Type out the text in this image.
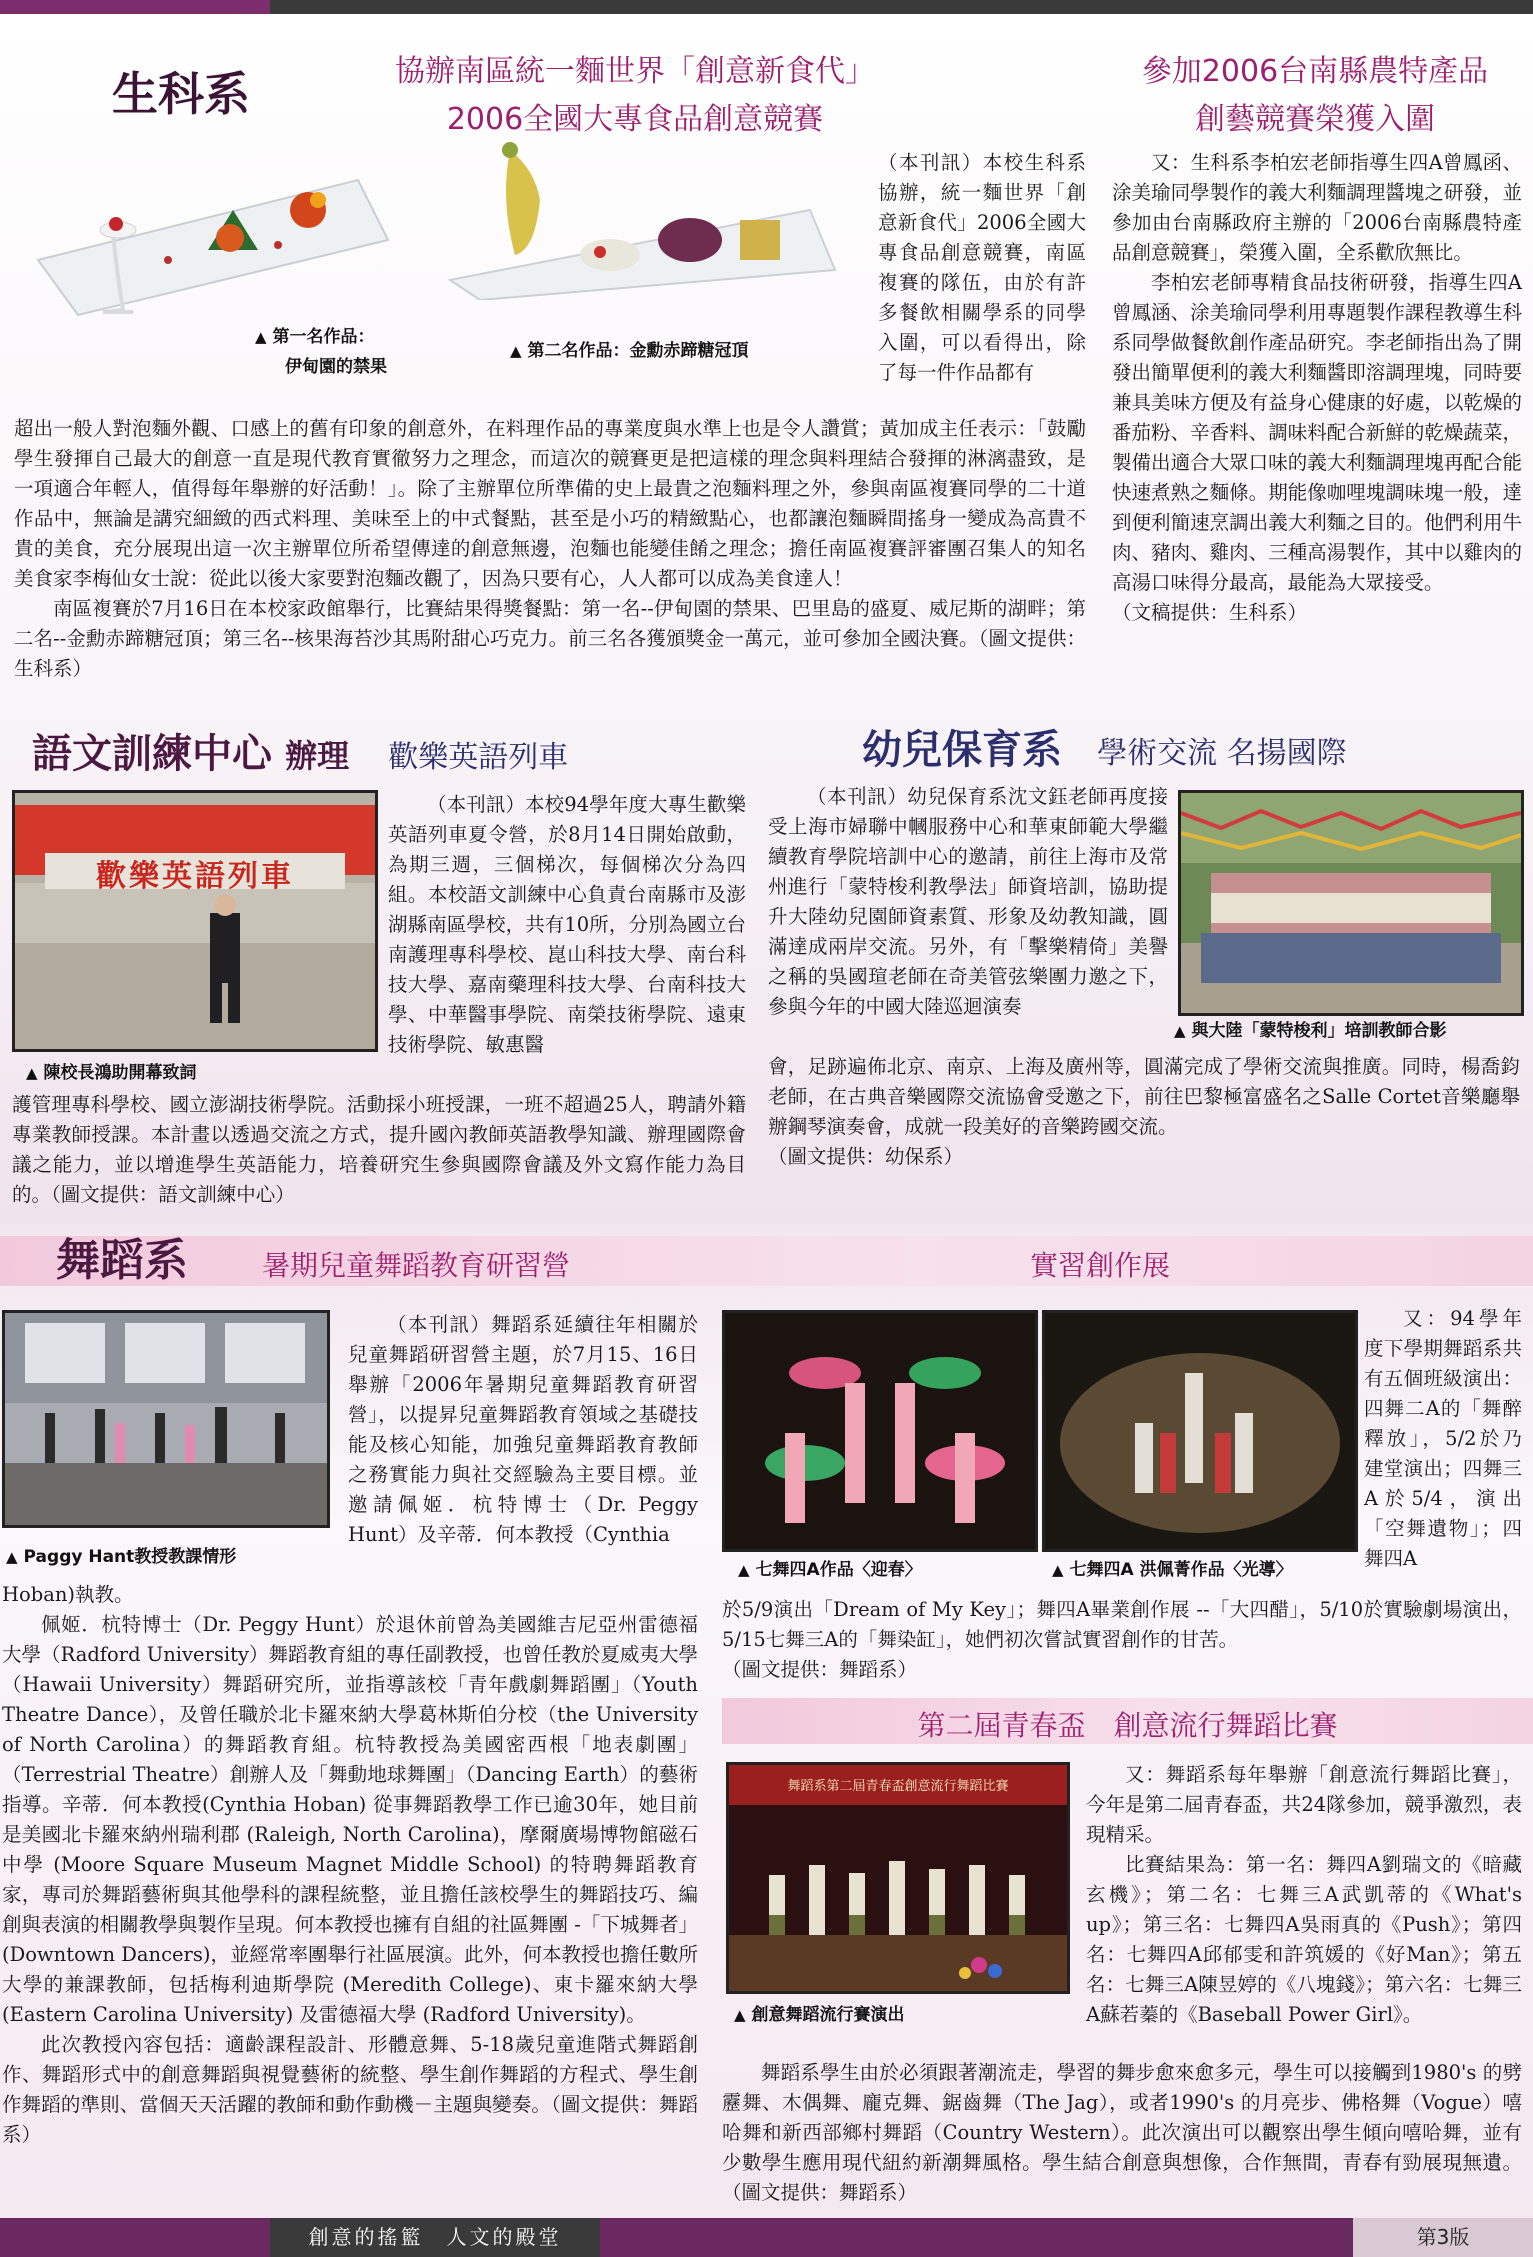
生科系	協辦南區統一麵世界「創意新食代」
2006全國大專食品創意競賽
▲ 第一名作品：
伊甸園的禁果
▲ 第二名作品：金勳赤蹄糖冠頂

（本刊訊）本校生科系協辦，統一麵世界「創意新食代」2006全國大專食品創意競賽，南區複賽的隊伍，由於有許多餐飲相關學系的同學入圍，可以看得出，除了每一件作品都有

超出一般人對泡麵外觀、口感上的舊有印象的創意外，在料理作品的專業度與水準上也是令人讚賞；黃加成主任表示：「鼓勵學生發揮自己最大的創意一直是現代教育實徹努力之理念，而這次的競賽更是把這樣的理念與料理結合發揮的淋漓盡致，是一項適合年輕人，值得每年舉辦的好活動！」。除了主辦單位所準備的史上最貴之泡麵料理之外，參與南區複賽同學的二十道作品中，無論是講究細緻的西式料理、美味至上的中式餐點，甚至是小巧的精緻點心，也都讓泡麵瞬間搖身一變成為高貴不貴的美食，充分展現出這一次主辦單位所希望傳達的創意無邊，泡麵也能變佳餚之理念；擔任南區複賽評審團召集人的知名美食家李梅仙女士說：從此以後大家要對泡麵改觀了，因為只要有心，人人都可以成為美食達人！

南區複賽於7月16日在本校家政館舉行，比賽結果得獎餐點：第一名--伊甸園的禁果、巴里島的盛夏、威尼斯的湖畔；第二名--金勳赤蹄糖冠頂；第三名--核果海苔沙其馬附甜心巧克力。前三名各獲頒獎金一萬元，並可參加全國決賽。（圖文提供：生科系）

參加2006台南縣農特產品
創藝競賽榮獲入圍

又：生科系李柏宏老師指導生四A曾鳳函、涂美瑜同學製作的義大利麵調理醬塊之研發，並參加由台南縣政府主辦的「2006台南縣農特產品創意競賽」，榮獲入圍，全系歡欣無比。

李柏宏老師專精食品技術研發，指導生四A曾鳳涵、涂美瑜同學利用專題製作課程教導生科系同學做餐飲創作產品研究。李老師指出為了開發出簡單便利的義大利麵醬即溶調理塊，同時要兼具美味方便及有益身心健康的好處，以乾燥的番茄粉、辛香料、調味料配合新鮮的乾燥蔬菜，製備出適合大眾口味的義大利麵調理塊再配合能快速煮熟之麵條。期能像咖哩塊調味塊一般，達到便利簡速烹調出義大利麵之目的。他們利用牛肉、豬肉、雞肉、三種高湯製作，其中以雞肉的高湯口味得分最高，最能為大眾接受。

（文稿提供：生科系）

語文訓練中心 辦理 歡樂英語列車
歡樂英語列車
▲ 陳校長鴻助開幕致詞

（本刊訊）本校94學年度大專生歡樂英語列車夏令營，於8月14日開始啟動，為期三週，三個梯次，每個梯次分為四組。本校語文訓練中心負責台南縣市及澎湖縣南區學校，共有10所，分別為國立台南護理專科學校、崑山科技大學、南台科技大學、嘉南藥理科技大學、台南科技大學、中華醫事學院、南榮技術學院、遠東技術學院、敏惠醫

護管理專科學校、國立澎湖技術學院。活動採小班授課，一班不超過25人，聘請外籍專業教師授課。本計畫以透過交流之方式，提升國內教師英語教學知識、辦理國際會議之能力，並以增進學生英語能力，培養研究生參與國際會議及外文寫作能力為目的。（圖文提供：語文訓練中心）

幼兒保育系 學術交流 名揚國際

（本刊訊）幼兒保育系沈文鈺老師再度接受上海市婦聯中幗服務中心和華東師範大學繼續教育學院培訓中心的邀請，前往上海市及常州進行「蒙特梭利教學法」師資培訓，協助提升大陸幼兒園師資素質、形象及幼教知識，圓滿達成兩岸交流。另外，有「擊樂精倚」美譽之稱的吳國瑄老師在奇美管弦樂團力邀之下，參與今年的中國大陸巡迴演奏

▲ 與大陸「蒙特梭利」培訓教師合影

會，足跡遍佈北京、南京、上海及廣州等，圓滿完成了學術交流與推廣。同時，楊喬鈞老師，在古典音樂國際交流協會受邀之下，前往巴黎極富盛名之Salle Cortet音樂廳舉辦鋼琴演奏會，成就一段美好的音樂跨國交流。

（圖文提供：幼保系）

舞蹈系	暑期兒童舞蹈教育研習營	實習創作展
▲ Paggy Hant教授教課情形

（本刊訊）舞蹈系延續往年相關於兒童舞蹈研習營主題，於7月15、16日舉辦「2006年暑期兒童舞蹈教育研習營」，以提昇兒童舞蹈教育領域之基礎技能及核心知能，加強兒童舞蹈教育教師之務實能力與社交經驗為主要目標。並邀請佩姬．杭特博士（Dr. Peggy Hunt）及辛蒂．何本教授（Cynthia

Hoban)執教。

佩姬．杭特博士（Dr. Peggy Hunt）於退休前曾為美國維吉尼亞州雷德福大學（Radford University）舞蹈教育組的專任副教授，也曾任教於夏威夷大學（Hawaii University）舞蹈研究所，並指導該校「青年戲劇舞蹈團」（Youth Theatre Dance），及曾任職於北卡羅來納大學葛林斯伯分校（the University of North Carolina）的舞蹈教育組。杭特教授為美國密西根「地表劇團」（Terrestrial Theatre）創辦人及「舞動地球舞團」（Dancing Earth）的藝術指導。辛蒂．何本教授(Cynthia Hoban) 從事舞蹈教學工作已逾30年，她目前是美國北卡羅來納州瑞利郡 (Raleigh, North Carolina)，摩爾廣場博物館磁石中學 (Moore Square Museum Magnet Middle School) 的特聘舞蹈教育家，專司於舞蹈藝術與其他學科的課程統整，並且擔任該校學生的舞蹈技巧、編創與表演的相關教學與製作呈現。何本教授也擁有自組的社區舞團 -「下城舞者」(Downtown Dancers)，並經常率團舉行社區展演。此外，何本教授也擔任數所大學的兼課教師，包括梅利迪斯學院 (Meredith College)、東卡羅來納大學 (Eastern Carolina University) 及雷德福大學 (Radford University)。

此次教授內容包括：適齡課程設計、形體意舞、5-18歲兒童進階式舞蹈創作、舞蹈形式中的創意舞蹈與視覺藝術的統整、學生創作舞蹈的方程式、學生創作舞蹈的準則、當個天天活躍的教師和動作動機－主題與變奏。（圖文提供：舞蹈系）

▲ 七舞四A作品〈迎春〉	▲ 七舞四A 洪佩菁作品〈光導〉

又：94學年度下學期舞蹈系共有五個班級演出：四舞二A的「舞醉釋放」，5/2於乃建堂演出；四舞三A於5/4，演出「空舞遺物」；四舞四A

於5/9演出「Dream of My Key」；舞四A畢業創作展 --「大四醋」，5/10於實驗劇場演出，5/15七舞三A的「舞染缸」，她們初次嘗試實習創作的甘苦。

（圖文提供：舞蹈系）

第二屆青春盃　創意流行舞蹈比賽
舞蹈系第二屆青春盃創意流行舞蹈比賽
▲ 創意舞蹈流行賽演出

又：舞蹈系每年舉辦「創意流行舞蹈比賽」，今年是第二屆青春盃，共24隊參加，競爭激烈，表現精采。

比賽結果為：第一名：舞四A劉瑞文的《暗藏玄機》；第二名：七舞三A武凱蒂的《What's up》；第三名：七舞四A吳雨真的《Push》；第四名：七舞四A邱郁雯和許筑媛的《好Man》；第五名：七舞三A陳昱婷的《八塊錢》；第六名：七舞三A蘇若蓁的《Baseball Power Girl》。

舞蹈系學生由於必須跟著潮流走，學習的舞步愈來愈多元，學生可以接觸到1980's 的劈靂舞、木偶舞、龐克舞、鋸齒舞（The Jag），或者1990's 的月亮步、佛格舞（Vogue）嘻哈舞和新西部鄉村舞蹈（Country Western）。此次演出可以觀察出學生傾向嘻哈舞，並有少數學生應用現代紐約新潮舞風格。學生結合創意與想像，合作無間，青春有勁展現無遺。（圖文提供：舞蹈系）

創意的搖籃　人文的殿堂	第3版
